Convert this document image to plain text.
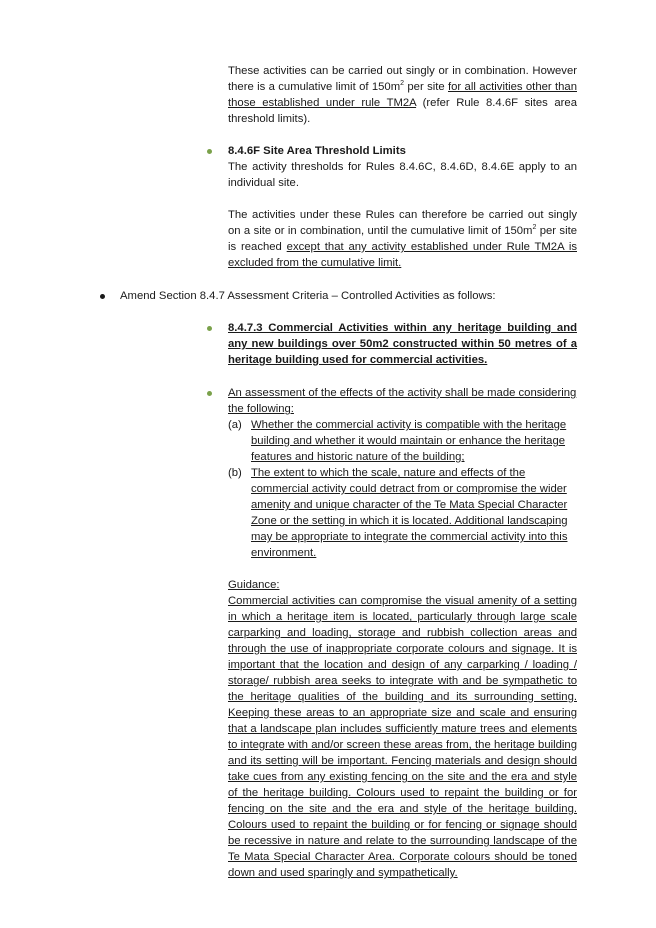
These activities can be carried out singly or in combination. However there is a cumulative limit of $150m^2$ per site for all activities other than those established under rule TM2A (refer Rule 8.4.6F sites area threshold limits).

8.4.6F Site Area Threshold Limits

The activity thresholds for Rules 8.4.6C, 8.4.6D, 8.4.6E apply to an individual site.

The activities under these Rules can therefore be carried out singly on a site or in combination, until the cumulative limit of $150m^2$ per site is reached except that any activity established under Rule TM2A is excluded from the cumulative limit.

Amend Section 8.4.7 Assessment Criteria – Controlled Activities as follows:

8.4.7.3 Commercial Activities within any heritage building and any new buildings over 50m2 constructed within 50 metres of a heritage building used for commercial activities.

An assessment of the effects of the activity shall be made considering the following:

(a) Whether the commercial activity is compatible with the heritage building and whether it would maintain or enhance the heritage features and historic nature of the building;
(b) The extent to which the scale, nature and effects of the commercial activity could detract from or compromise the wider amenity and unique character of the Te Mata Special Character Zone or the setting in which it is located. Additional landscaping may be appropriate to integrate the commercial activity into this environment.

Guidance:

Commercial activities can compromise the visual amenity of a setting in which a heritage item is located, particularly through large scale carparking and loading, storage and rubbish collection areas and through the use of inappropriate corporate colours and signage. It is important that the location and design of any carparking / loading / storage/ rubbish area seeks to integrate with and be sympathetic to the heritage qualities of the building and its surrounding setting. Keeping these areas to an appropriate size and scale and ensuring that a landscape plan includes sufficiently mature trees and elements to integrate with and/or screen these areas from, the heritage building and its setting will be important. Fencing materials and design should take cues from any existing fencing on the site and the era and style of the heritage building. Colours used to repaint the building or for fencing on the site and the era and style of the heritage building. Colours used to repaint the building or for fencing or signage should be recessive in nature and relate to the surrounding landscape of the Te Mata Special Character Area. Corporate colours should be toned down and used sparingly and sympathetically.
